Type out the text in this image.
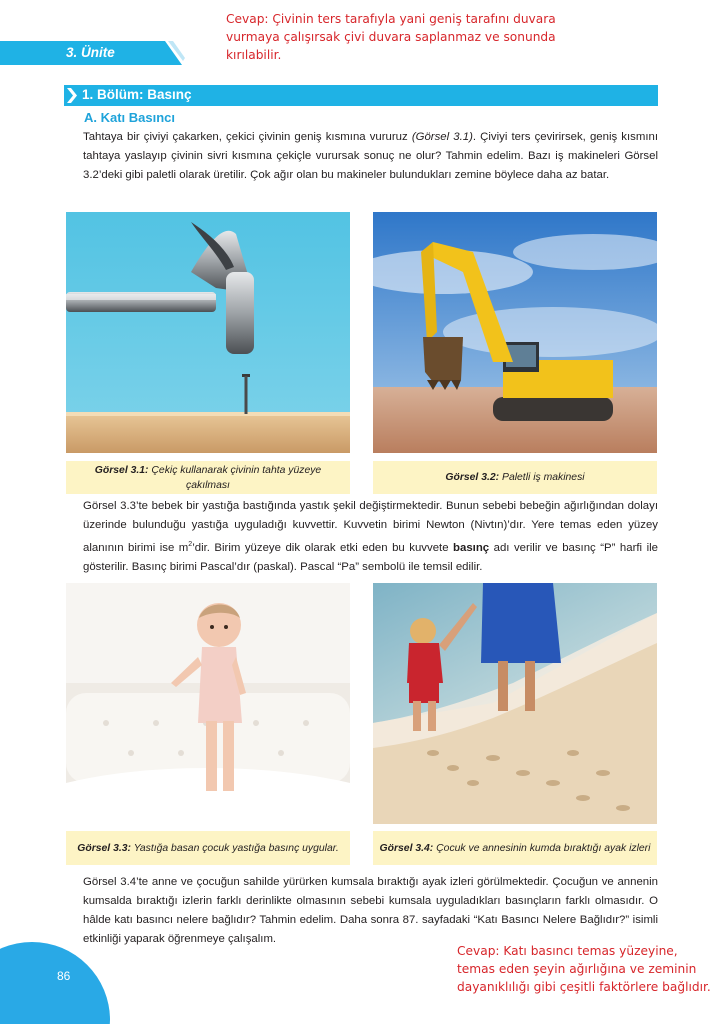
Cevap: Çivinin ters tarafıyla yani geniş tarafını duvara vurmaya çalışırsak çivi duvara saplanmaz ve sonunda kırılabilir.
3. Ünite
1. Bölüm: Basınç
A. Katı Basıncı

Tahtaya bir çiviyi çakarken, çekici çivinin geniş kısmına vururuz (Görsel 3.1). Çiviyi ters çevirirsek, geniş kısmını tahtaya yaslayıp çivinin sivri kısmına çekiçle vurursak sonuç ne olur? Tahmin edelim. Bazı iş makineleri Görsel 3.2’deki gibi paletli olarak üretilir. Çok ağır olan bu makineler bulundukları zemine böylece daha az batar.

Görsel 3.1: Çekiç kullanarak çivinin tahta yüzeye çakılması
Görsel 3.2: Paletli iş makinesi

Görsel 3.3’te bebek bir yastığa bastığında yastık şekil değiştirmektedir. Bunun sebebi bebeğin ağırlığından dolayı üzerinde bulunduğu yastığa uyguladığı kuvvettir. Kuvvetin birimi Newton (Nivtın)’dır. Yere temas eden yüzey alanının birimi ise $m^2’dir$. Birim yüzeye dik olarak etki eden bu kuvvete basınç adı verilir ve basınç “P” harfi ile gösterilir. Basınç birimi Pascal’dır (paskal). Pascal “Pa” sembolü ile temsil edilir.

Görsel 3.3: Yastığa basan çocuk yastığa basınç uygular.	Görsel 3.4: Çocuk ve annesinin kumda bıraktığı ayak izleri

Görsel 3.4’te anne ve çocuğun sahilde yürürken kumsala bıraktığı ayak izleri görülmektedir. Çocuğun ve annenin kumsalda bıraktığı izlerin farklı derinlikte olmasının sebebi kumsala uyguladıkları basınçların farklı olmasıdır. O hâlde katı basıncı nelere bağlıdır? Tahmin edelim. Daha sonra 87. sayfadaki “Katı Basıncı Nelere Bağlıdır?” isimli etkinliği yaparak öğrenmeye çalışalım.

Cevap: Katı basıncı temas yüzeyine, temas eden şeyin ağırlığına ve zeminin dayanıklılığı gibi çeşitli faktörlere bağlıdır.
86
